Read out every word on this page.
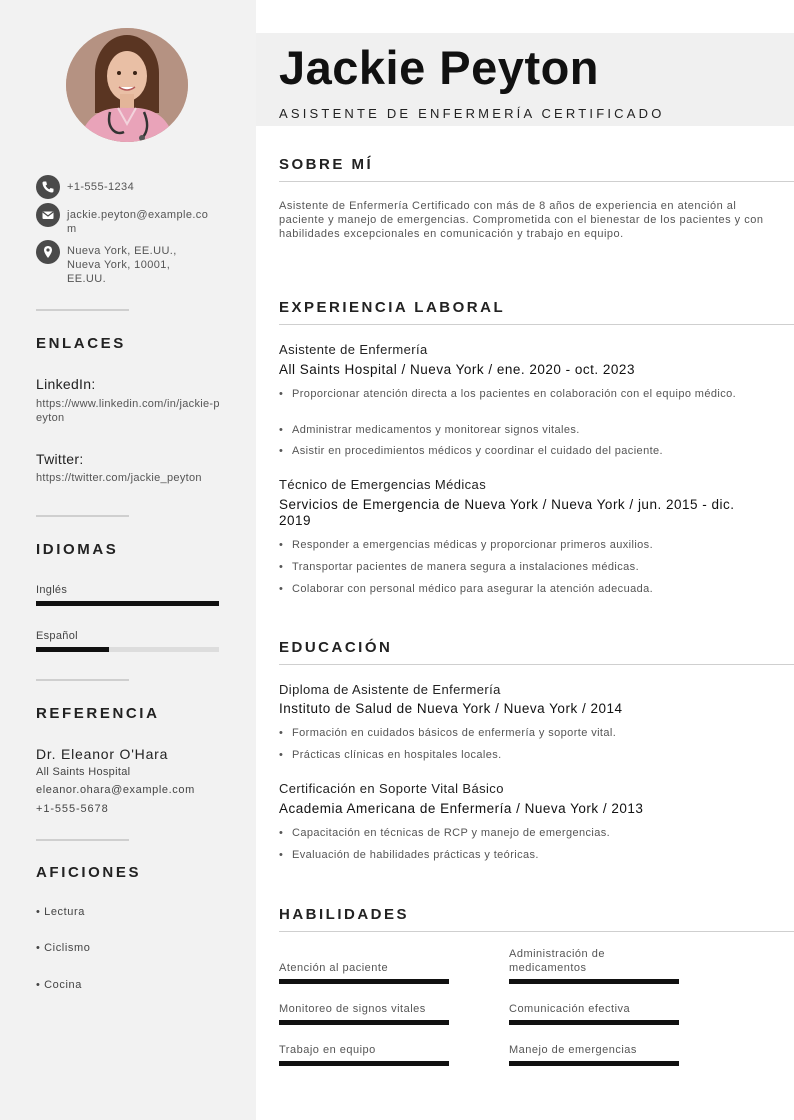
+1-555-1234
jackie.peyton@example.com
Nueva York, EE.UU., Nueva York, 10001, EE.UU.
ENLACES
LinkedIn:
https://www.linkedin.com/in/jackie-peyton
Twitter:
https://twitter.com/jackie_peyton
IDIOMAS
Inglés
Español
REFERENCIA
Dr. Eleanor O'Hara
All Saints Hospital
eleanor.ohara@example.com
+1-555-5678
AFICIONES
• Lectura
• Ciclismo
• Cocina
Jackie Peyton
ASISTENTE DE ENFERMERÍA CERTIFICADO
SOBRE MÍ
Asistente de Enfermería Certificado con más de 8 años de experiencia en atención al paciente y manejo de emergencias. Comprometida con el bienestar de los pacientes y con habilidades excepcionales en comunicación y trabajo en equipo.
EXPERIENCIA LABORAL
Asistente de Enfermería
All Saints Hospital / Nueva York / ene. 2020 - oct. 2023
• Proporcionar atención directa a los pacientes en colaboración con el equipo médico.
• Administrar medicamentos y monitorear signos vitales.
• Asistir en procedimientos médicos y coordinar el cuidado del paciente.
Técnico de Emergencias Médicas
Servicios de Emergencia de Nueva York / Nueva York / jun. 2015 - dic. 2019
• Responder a emergencias médicas y proporcionar primeros auxilios.
• Transportar pacientes de manera segura a instalaciones médicas.
• Colaborar con personal médico para asegurar la atención adecuada.
EDUCACIÓN
Diploma de Asistente de Enfermería
Instituto de Salud de Nueva York / Nueva York / 2014
• Formación en cuidados básicos de enfermería y soporte vital.
• Prácticas clínicas en hospitales locales.
Certificación en Soporte Vital Básico
Academia Americana de Enfermería / Nueva York / 2013
• Capacitación en técnicas de RCP y manejo de emergencias.
• Evaluación de habilidades prácticas y teóricas.
HABILIDADES
Atención al paciente
Administración de medicamentos
Monitoreo de signos vitales	Comunicación efectiva
Trabajo en equipo	Manejo de emergencias
